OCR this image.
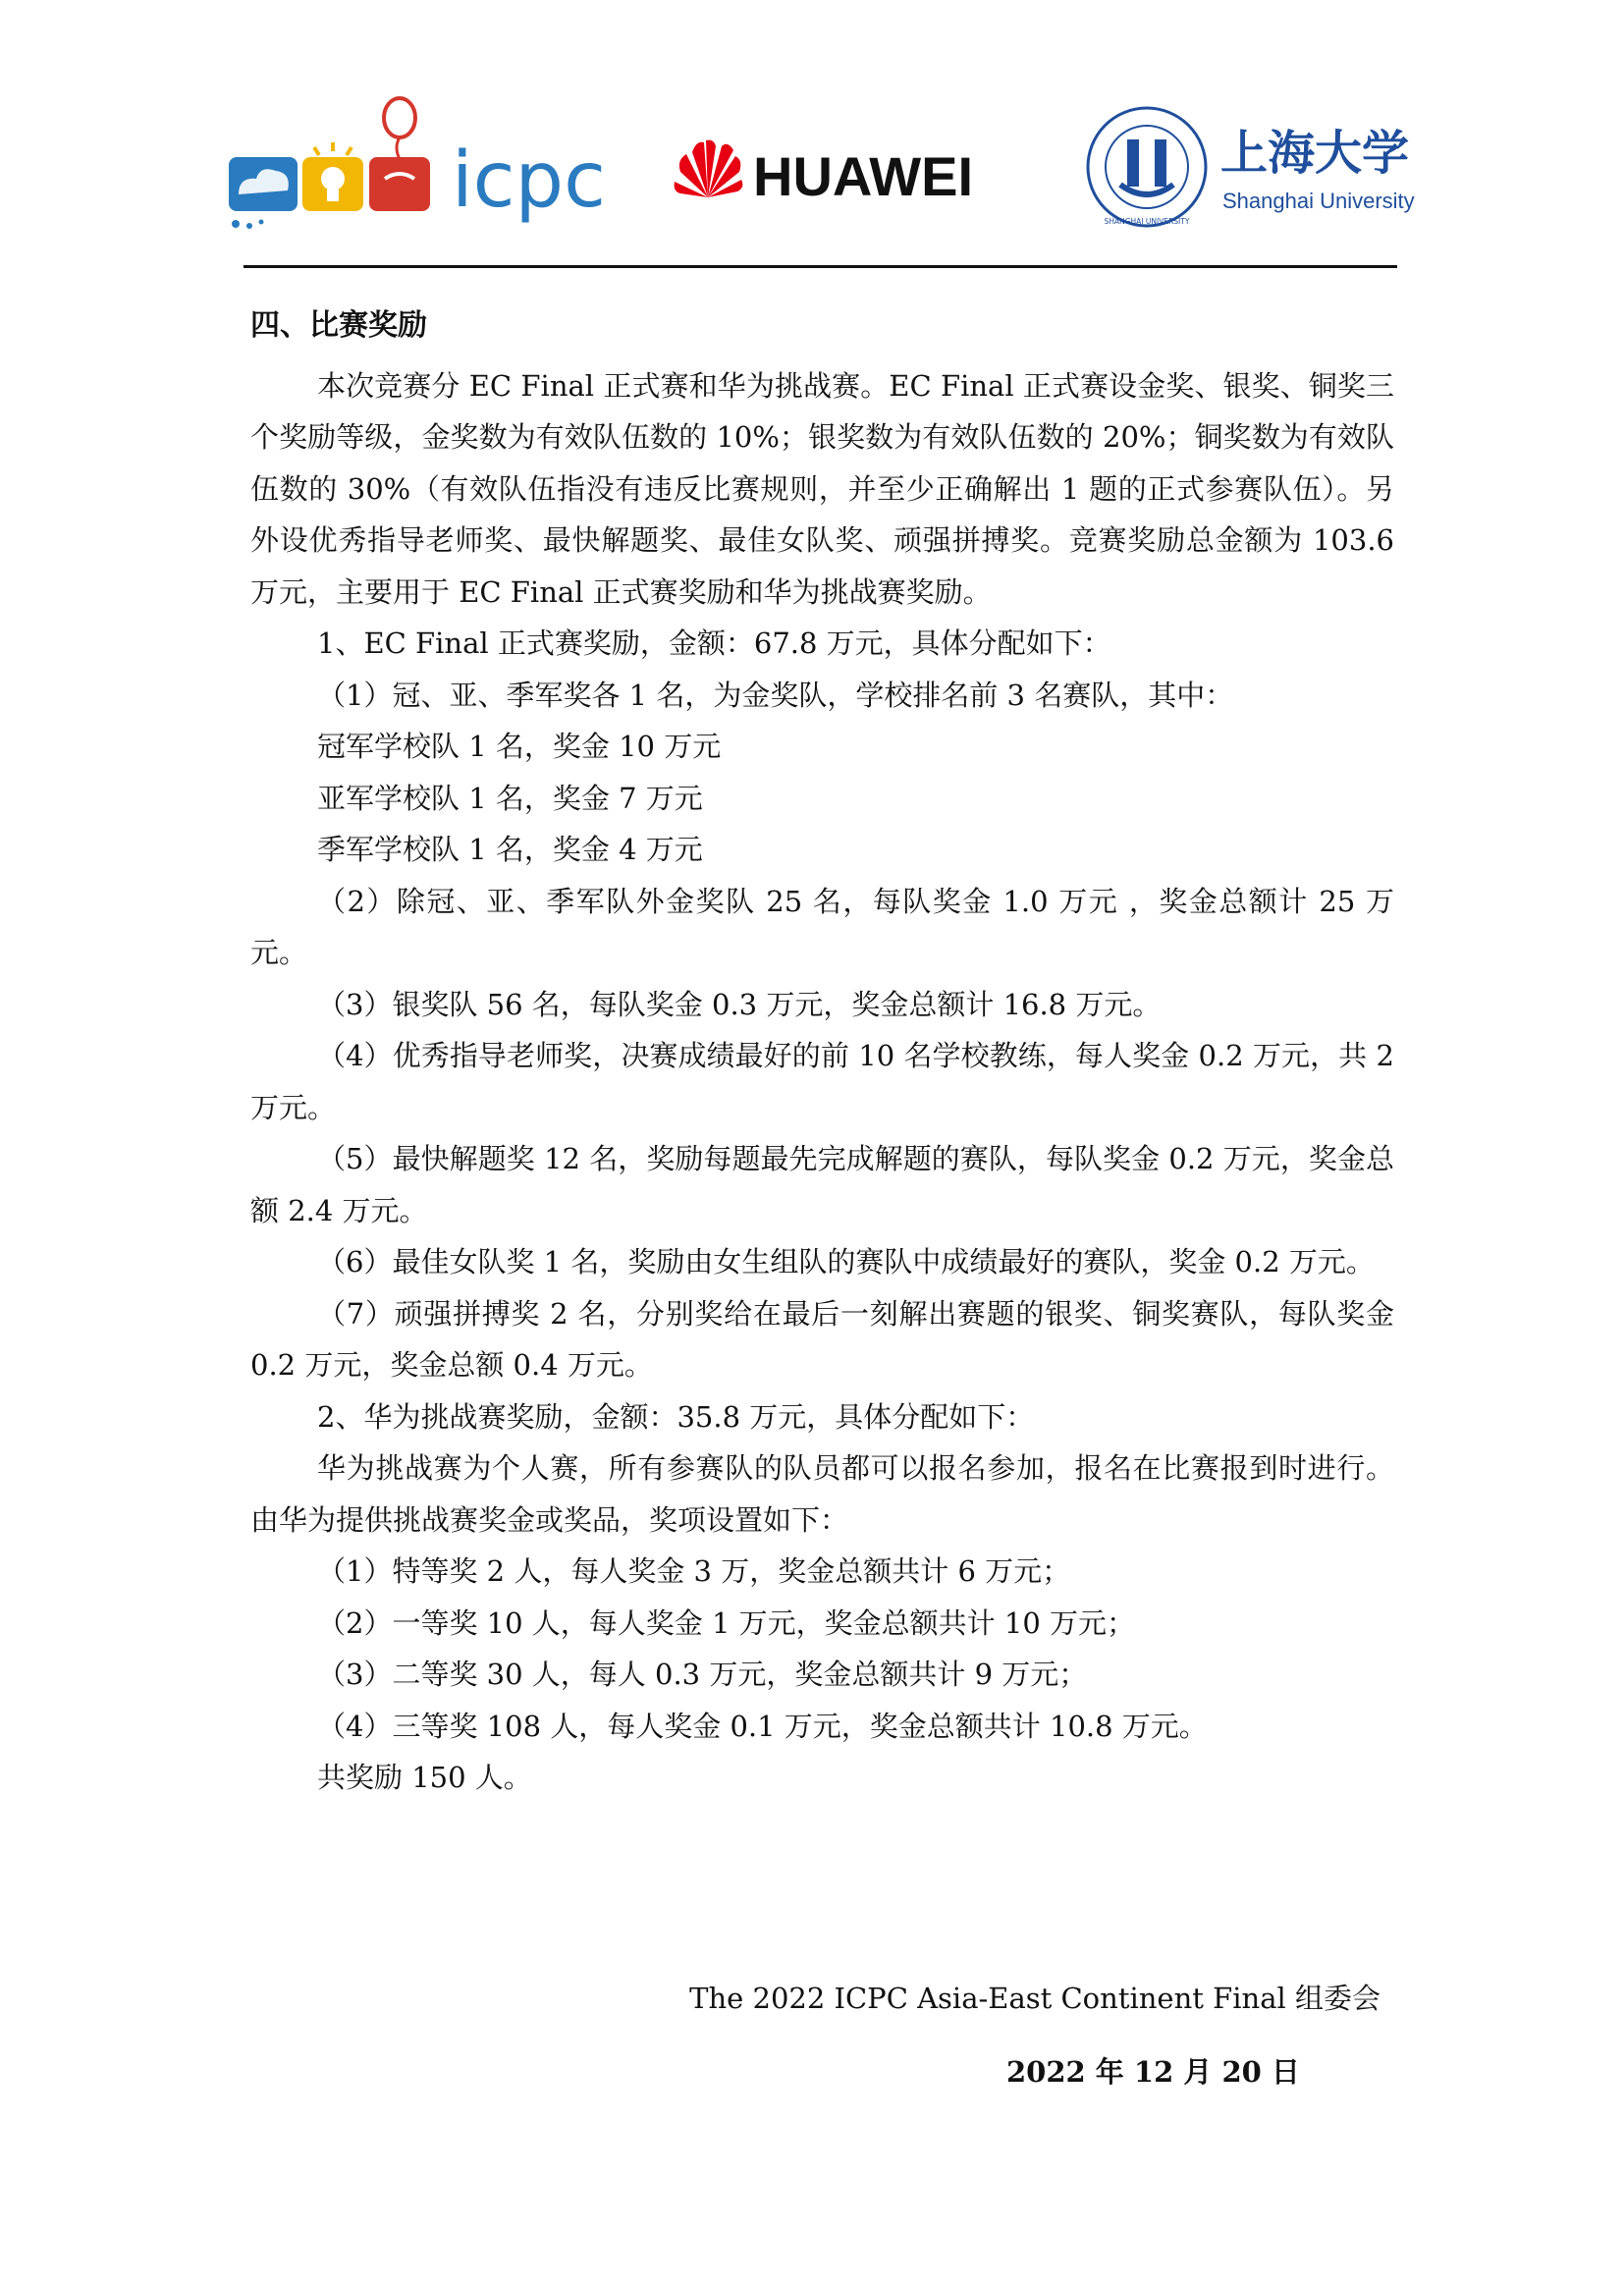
icpc	HUAWEI
SHANGHAI UNIVERSITY
上海大学
Shanghai University

四、比赛奖励

本次竞赛分 EC Final 正式赛和华为挑战赛。EC Final 正式赛设金奖、银奖、铜奖三个奖励等级，金奖数为有效队伍数的 10%；银奖数为有效队伍数的 20%；铜奖数为有效队伍数的 30%（有效队伍指没有违反比赛规则，并至少正确解出 1 题的正式参赛队伍）。另外设优秀指导老师奖、最快解题奖、最佳女队奖、顽强拼搏奖。竞赛奖励总金额为 103.6 万元，主要用于 EC Final 正式赛奖励和华为挑战赛奖励。

1、EC Final 正式赛奖励，金额：67.8 万元，具体分配如下：

（1）冠、亚、季军奖各 1 名，为金奖队，学校排名前 3 名赛队，其中：

冠军学校队 1 名，奖金 10 万元

亚军学校队 1 名，奖金 7 万元

季军学校队 1 名，奖金 4 万元

（2）除冠、亚、季军队外金奖队 25 名，每队奖金 1.0 万元 ，奖金总额计 25 万元。

（3）银奖队 56 名，每队奖金 0.3 万元，奖金总额计 16.8 万元。

（4）优秀指导老师奖，决赛成绩最好的前 10 名学校教练，每人奖金 0.2 万元，共 2 万元。

（5）最快解题奖 12 名，奖励每题最先完成解题的赛队，每队奖金 0.2 万元，奖金总额 2.4 万元。

（6）最佳女队奖 1 名，奖励由女生组队的赛队中成绩最好的赛队，奖金 0.2 万元。

（7）顽强拼搏奖 2 名，分别奖给在最后一刻解出赛题的银奖、铜奖赛队，每队奖金 0.2 万元，奖金总额 0.4 万元。

2、华为挑战赛奖励，金额：35.8 万元，具体分配如下：

华为挑战赛为个人赛，所有参赛队的队员都可以报名参加，报名在比赛报到时进行。由华为提供挑战赛奖金或奖品，奖项设置如下：

（1）特等奖 2 人，每人奖金 3 万，奖金总额共计 6 万元；

（2）一等奖 10 人，每人奖金 1 万元，奖金总额共计 10 万元；

（3）二等奖 30 人，每人 0.3 万元，奖金总额共计 9 万元；

（4）三等奖 108 人，每人奖金 0.1 万元，奖金总额共计 10.8 万元。

共奖励 150 人。

The 2022 ICPC Asia-East Continent Final 组委会
2022 年 12 月 20 日
